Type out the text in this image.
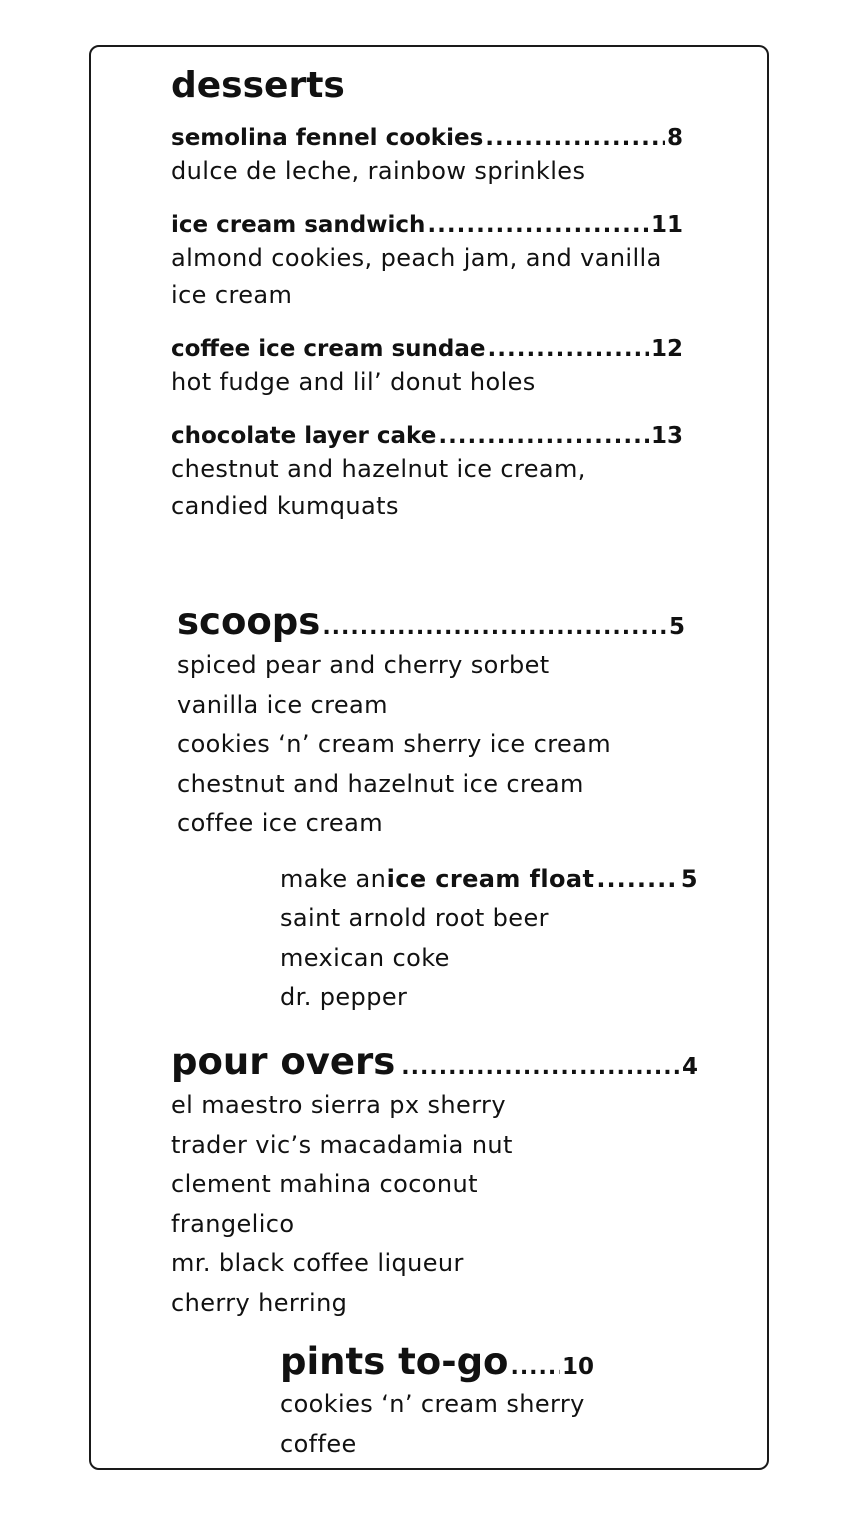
desserts
semolina fennel cookies .....	8
dulce de leche, rainbow sprinkles
ice cream sandwich .....	11
almond cookies, peach jam, and vanilla
ice cream
coffee ice cream sundae .....	12
hot fudge and lil’ donut holes
chocolate layer cake .....	13
chestnut and hazelnut ice cream,
candied kumquats
scoops .....	5
spiced pear and cherry sorbet
vanilla ice cream
cookies ‘n’ cream sherry ice cream
chestnut and hazelnut ice cream
coffee ice cream
make an ice cream float .....	5
saint arnold root beer
mexican coke
dr. pepper
pour overs .....	4
el maestro sierra px sherry
trader vic’s macadamia nut
clement mahina coconut
frangelico
mr. black coffee liqueur
cherry herring
pints to-go ..... 10
cookies ‘n’ cream sherry
coffee
